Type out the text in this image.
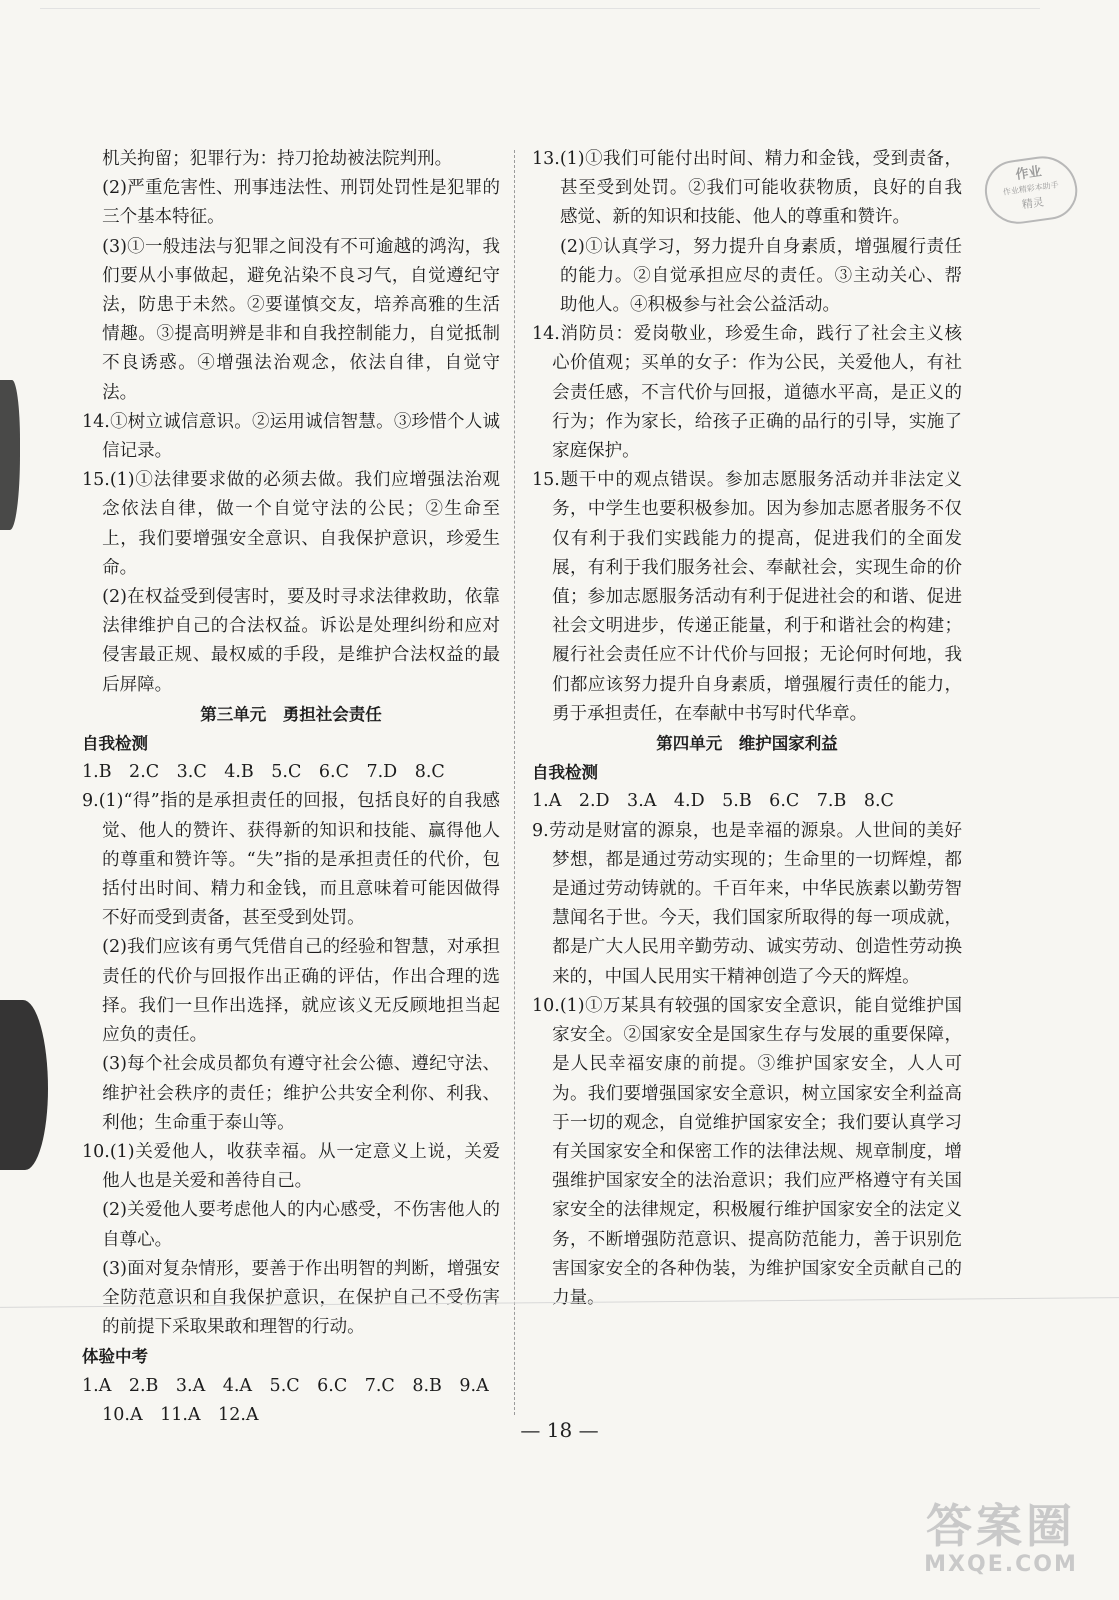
机关拘留；犯罪行为：持刀抢劫被法院判刑。

(2)严重危害性、刑事违法性、刑罚处罚性是犯罪的三个基本特征。

(3)①一般违法与犯罪之间没有不可逾越的鸿沟，我们要从小事做起，避免沾染不良习气，自觉遵纪守法，防患于未然。②要谨慎交友，培养高雅的生活情趣。③提高明辨是非和自我控制能力，自觉抵制不良诱惑。④增强法治观念，依法自律，自觉守法。

14.①树立诚信意识。②运用诚信智慧。③珍惜个人诚信记录。

15.(1)①法律要求做的必须去做。我们应增强法治观念依法自律，做一个自觉守法的公民；②生命至上，我们要增强安全意识、自我保护意识，珍爱生命。

(2)在权益受到侵害时，要及时寻求法律救助，依靠法律维护自己的合法权益。诉讼是处理纠纷和应对侵害最正规、最权威的手段，是维护合法权益的最后屏障。

第三单元　勇担社会责任

自我检测

1.B　2.C　3.C　4.B　5.C　6.C　7.D　8.C

9.(1)“得”指的是承担责任的回报，包括良好的自我感觉、他人的赞许、获得新的知识和技能、赢得他人的尊重和赞许等。“失”指的是承担责任的代价，包括付出时间、精力和金钱，而且意味着可能因做得不好而受到责备，甚至受到处罚。

(2)我们应该有勇气凭借自己的经验和智慧，对承担责任的代价与回报作出正确的评估，作出合理的选择。我们一旦作出选择，就应该义无反顾地担当起应负的责任。

(3)每个社会成员都负有遵守社会公德、遵纪守法、维护社会秩序的责任；维护公共安全利你、利我、利他；生命重于泰山等。

10.(1)关爱他人，收获幸福。从一定意义上说，关爱他人也是关爱和善待自己。

(2)关爱他人要考虑他人的内心感受，不伤害他人的自尊心。

(3)面对复杂情形，要善于作出明智的判断，增强安全防范意识和自我保护意识，在保护自己不受伤害的前提下采取果敢和理智的行动。

体验中考

1.A　2.B　3.A　4.A　5.C　6.C　7.C　8.B　9.A

10.A　11.A　12.A

13.(1)①我们可能付出时间、精力和金钱，受到责备，甚至受到处罚。②我们可能收获物质，良好的自我感觉、新的知识和技能、他人的尊重和赞许。

(2)①认真学习，努力提升自身素质，增强履行责任的能力。②自觉承担应尽的责任。③主动关心、帮助他人。④积极参与社会公益活动。

14.消防员：爱岗敬业，珍爱生命，践行了社会主义核心价值观；买单的女子：作为公民，关爱他人，有社会责任感，不言代价与回报，道德水平高，是正义的行为；作为家长，给孩子正确的品行的引导，实施了家庭保护。

15.题干中的观点错误。参加志愿服务活动并非法定义务，中学生也要积极参加。因为参加志愿者服务不仅仅有利于我们实践能力的提高，促进我们的全面发展，有利于我们服务社会、奉献社会，实现生命的价值；参加志愿服务活动有利于促进社会的和谐、促进社会文明进步，传递正能量，利于和谐社会的构建；履行社会责任应不计代价与回报；无论何时何地，我们都应该努力提升自身素质，增强履行责任的能力，勇于承担责任，在奉献中书写时代华章。

第四单元　维护国家利益

自我检测

1.A　2.D　3.A　4.D　5.B　6.C　7.B　8.C

9.劳动是财富的源泉，也是幸福的源泉。人世间的美好梦想，都是通过劳动实现的；生命里的一切辉煌，都是通过劳动铸就的。千百年来，中华民族素以勤劳智慧闻名于世。今天，我们国家所取得的每一项成就，都是广大人民用辛勤劳动、诚实劳动、创造性劳动换来的，中国人民用实干精神创造了今天的辉煌。

10.(1)①万某具有较强的国家安全意识，能自觉维护国家安全。②国家安全是国家生存与发展的重要保障，是人民幸福安康的前提。③维护国家安全，人人可为。我们要增强国家安全意识，树立国家安全利益高于一切的观念，自觉维护国家安全；我们要认真学习有关国家安全和保密工作的法律法规、规章制度，增强维护国家安全的法治意识；我们应严格遵守有关国家安全的法律规定，积极履行维护国家安全的法定义务，不断增强防范意识、提高防范能力，善于识别危害国家安全的各种伪装，为维护国家安全贡献自己的力量。

作业
作业精彩本助手
精灵
— 18 —
答案圈
MXQE.COM
